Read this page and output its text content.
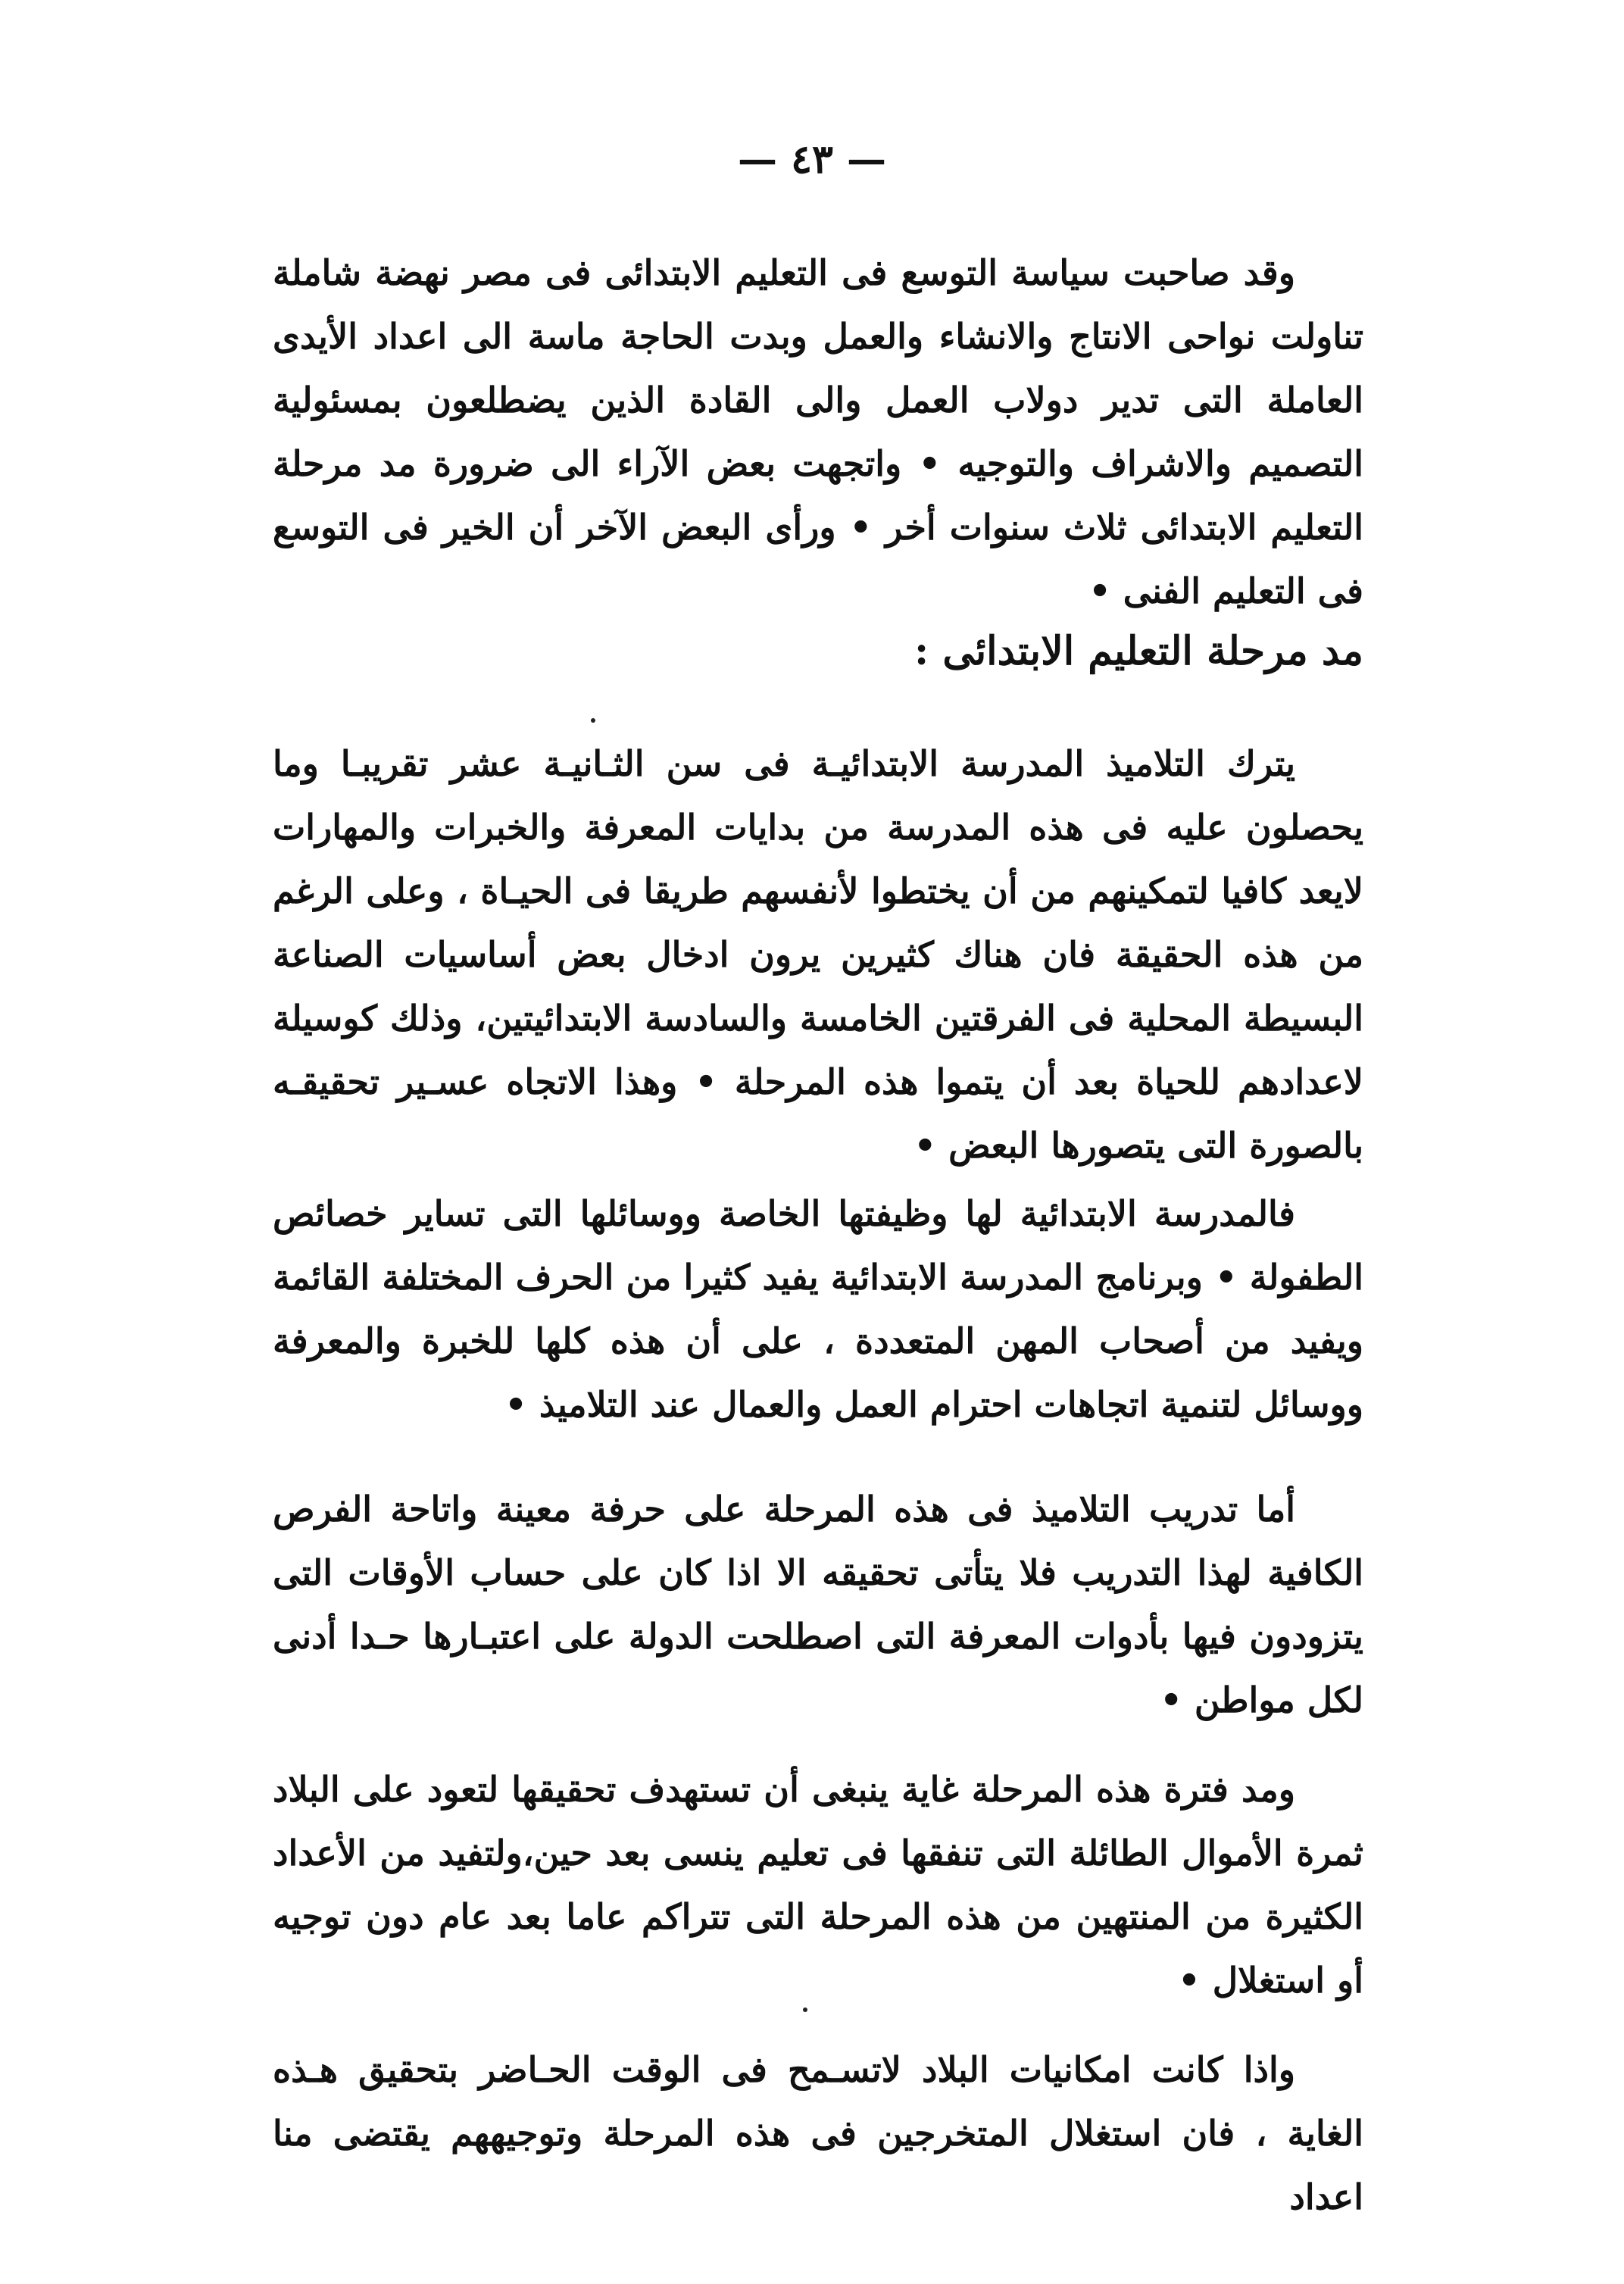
— ٤٣ —

وقد صاحبت سياسة التوسع فى التعليم الابتدائى فى مصر نهضة شاملة تناولت نواحى الانتاج والانشاء والعمل وبدت الحاجة ماسة الى اعداد الأيدى العاملة التى تدير دولاب العمل والى القادة الذين يضطلعون بمسئولية التصميم والاشراف والتوجيه • واتجهت بعض الآراء الى ضرورة مد مرحلة التعليم الابتدائى ثلاث سنوات أخر • ورأى البعض الآخر أن الخير فى التوسع فى التعليم الفنى •

مد مرحلة التعليم الابتدائى :

يترك التلاميذ المدرسة الابتدائيـة فى سن الثـانيـة عشر تقريبـا وما يحصلون عليه فى هذه المدرسة من بدايات المعرفة والخبرات والمهارات لايعد كافيا لتمكينهم من أن يختطوا لأنفسهم طريقا فى الحيـاة ، وعلى الرغم من هذه الحقيقة فان هناك كثيرين يرون ادخال بعض أساسيات الصناعة البسيطة المحلية فى الفرقتين الخامسة والسادسة الابتدائيتين، وذلك كوسيلة لاعدادهم للحياة بعد أن يتموا هذه المرحلة • وهذا الاتجاه عسـير تحقيقـه بالصورة التى يتصورها البعض •

فالمدرسة الابتدائية لها وظيفتها الخاصة ووسائلها التى تساير خصائص الطفولة • وبرنامج المدرسة الابتدائية يفيد كثيرا من الحرف المختلفة القائمة ويفيد من أصحاب المهن المتعددة ، على أن هذه كلها للخبرة والمعرفة ووسائل لتنمية اتجاهات احترام العمل والعمال عند التلاميذ •

أما تدريب التلاميذ فى هذه المرحلة على حرفة معينة واتاحة الفرص الكافية لهذا التدريب فلا يتأتى تحقيقه الا اذا كان على حساب الأوقات التى يتزودون فيها بأدوات المعرفة التى اصطلحت الدولة على اعتبـارها حـدا أدنى لكل مواطن •

ومد فترة هذه المرحلة غاية ينبغى أن تستهدف تحقيقها لتعود على البلاد ثمرة الأموال الطائلة التى تنفقها فى تعليم ينسى بعد حين،ولتفيد من الأعداد الكثيرة من المنتهين من هذه المرحلة التى تتراكم عاما بعد عام دون توجيه أو استغلال •

واذا كانت امكانيات البلاد لاتسـمح فى الوقت الحـاضر بتحقيق هـذه الغاية ، فان استغلال المتخرجين فى هذه المرحلة وتوجيههم يقتضى منا اعداد
